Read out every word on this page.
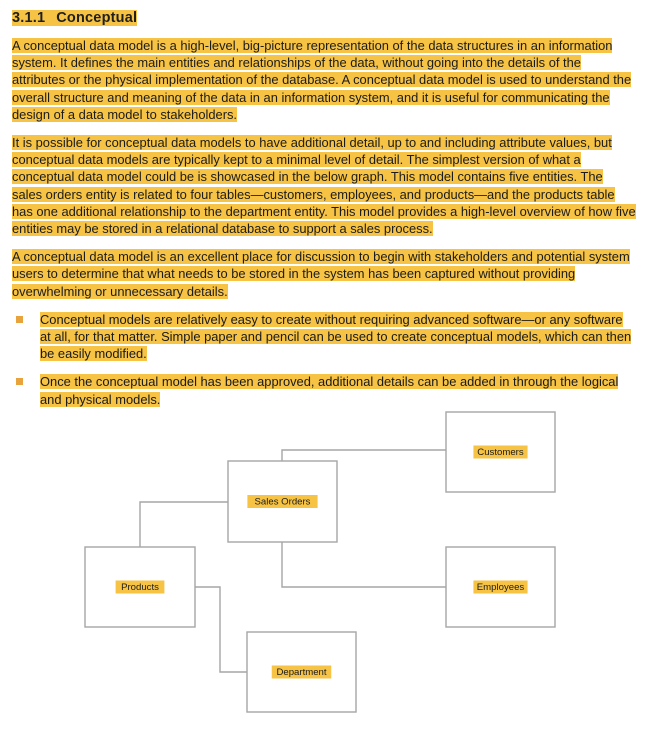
3.1.1 Conceptual

A conceptual data model is a high-level, big-picture representation of the data structures in an information system. It defines the main entities and relationships of the data, without going into the details of the attributes or the physical implementation of the database. A conceptual data model is used to understand the overall structure and meaning of the data in an information system, and it is useful for communicating the design of a data model to stakeholders.

It is possible for conceptual data models to have additional detail, up to and including attribute values, but conceptual data models are typically kept to a minimal level of detail. The simplest version of what a conceptual data model could be is showcased in the below graph. This model contains five entities. The sales orders entity is related to four tables—customers, employees, and products—and the products table has one additional relationship to the department entity. This model provides a high-level overview of how five entities may be stored in a relational database to support a sales process.

A conceptual data model is an excellent place for discussion to begin with stakeholders and potential system users to determine that what needs to be stored in the system has been captured without providing overwhelming or unnecessary details.

Conceptual models are relatively easy to create without requiring advanced software—or any software at all, for that matter. Simple paper and pencil can be used to create conceptual models, which can then be easily modified.
Once the conceptual model has been approved, additional details can be added in through the logical and physical models.
Customers
Sales Orders
Products	Employees
Department
